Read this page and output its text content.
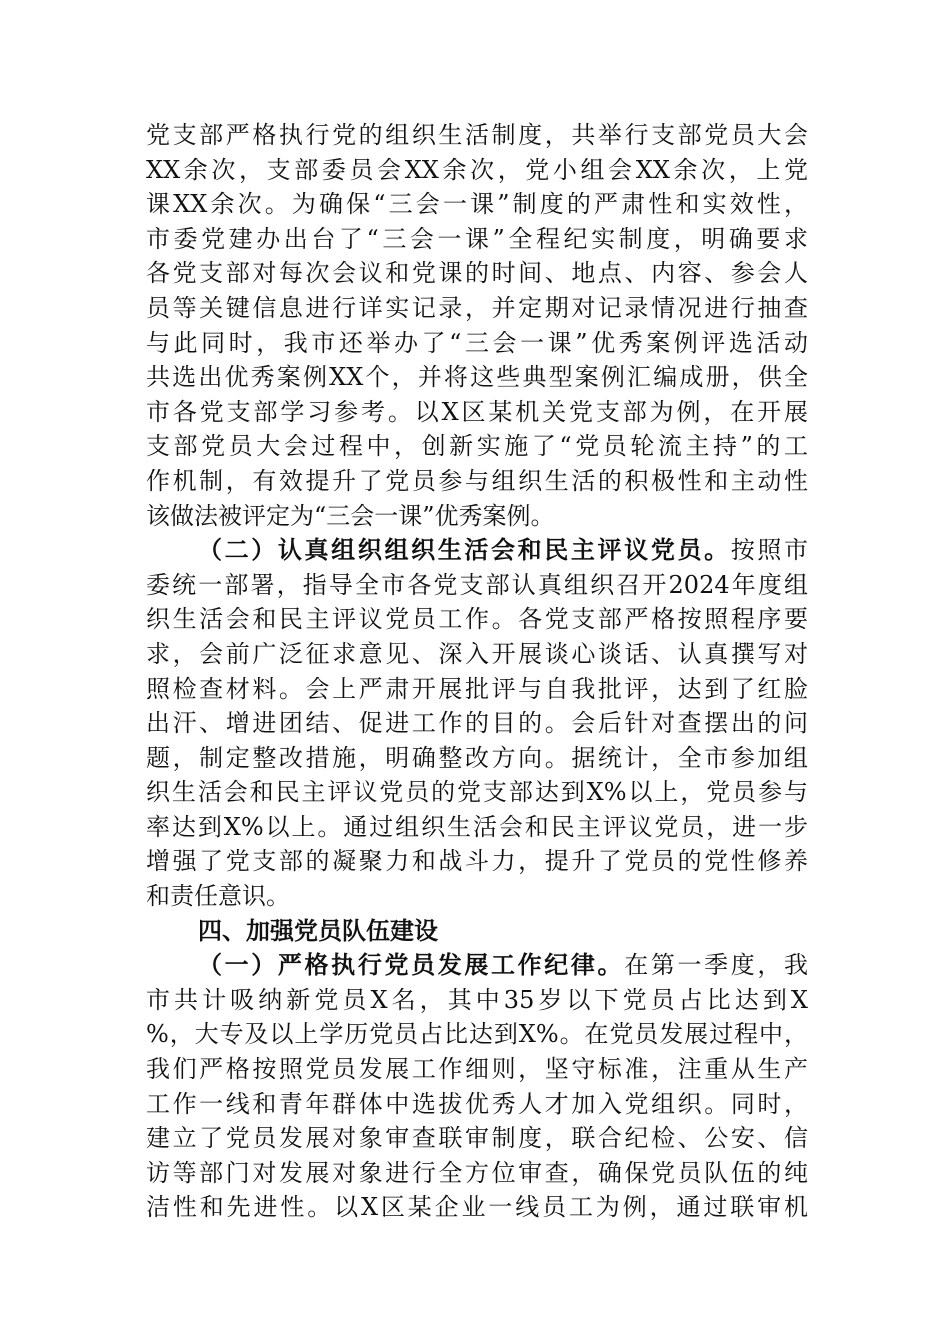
党支部严格执行党的组织生活制度，共举行支部党员大会
XX余次，支部委员会XX余次，党小组会XX余次，上党
课XX余次。为确保“三会一课”制度的严肃性和实效性，
市委党建办出台了“三会一课”全程纪实制度，明确要求
各党支部对每次会议和党课的时间、地点、内容、参会人
员等关键信息进行详实记录，并定期对记录情况进行抽查
与此同时，我市还举办了“三会一课”优秀案例评选活动
共选出优秀案例XX个，并将这些典型案例汇编成册，供全
市各党支部学习参考。以X区某机关党支部为例，在开展
支部党员大会过程中，创新实施了“党员轮流主持”的工
作机制，有效提升了党员参与组织生活的积极性和主动性
该做法被评定为“三会一课”优秀案例。
（二）认真组织组织生活会和民主评议党员。按照市
委统一部署，指导全市各党支部认真组织召开2024年度组
织生活会和民主评议党员工作。各党支部严格按照程序要
求，会前广泛征求意见、深入开展谈心谈话、认真撰写对
照检查材料。会上严肃开展批评与自我批评，达到了红脸
出汗、增进团结、促进工作的目的。会后针对查摆出的问
题，制定整改措施，明确整改方向。据统计，全市参加组
织生活会和民主评议党员的党支部达到X%以上，党员参与
率达到X%以上。通过组织生活会和民主评议党员，进一步
增强了党支部的凝聚力和战斗力，提升了党员的党性修养
和责任意识。
四、加强党员队伍建设
（一）严格执行党员发展工作纪律。在第一季度，我
市共计吸纳新党员X名，其中35岁以下党员占比达到X
%，大专及以上学历党员占比达到X%。在党员发展过程中，
我们严格按照党员发展工作细则，坚守标准，注重从生产
工作一线和青年群体中选拔优秀人才加入党组织。同时，
建立了党员发展对象审查联审制度，联合纪检、公安、信
访等部门对发展对象进行全方位审查，确保党员队伍的纯
洁性和先进性。以X区某企业一线员工为例，通过联审机
